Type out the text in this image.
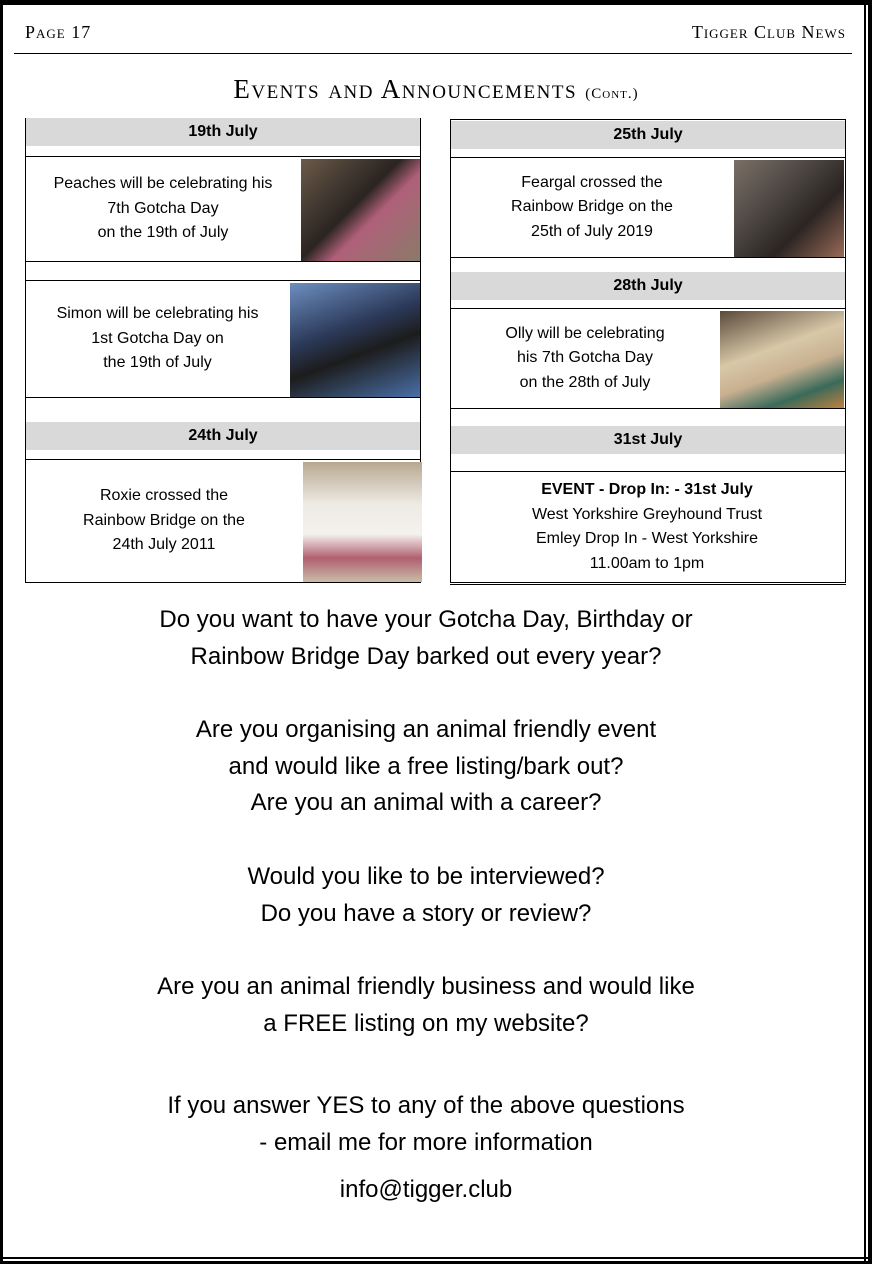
Page 17	Tigger Club News
Events and Announcements (Cont.)
19th July
Peaches will be celebrating his
7th Gotcha Day
on the 19th of July
Simon will be celebrating his
1st Gotcha Day on
the 19th of July
24th July
Roxie crossed the
Rainbow Bridge on the
24th July 2011
25th July
Feargal crossed the
Rainbow Bridge on the
25th of July 2019
28th July
Olly will be celebrating
his 7th Gotcha Day
on the 28th of July
31st July
EVENT - Drop In: - 31st July
West Yorkshire Greyhound Trust
Emley Drop In - West Yorkshire
11.00am to 1pm
Do you want to have your Gotcha Day, Birthday or
Rainbow Bridge Day barked out every year?
Are you organising an animal friendly event
and would like a free listing/bark out?
Are you an animal with a career?
Would you like to be interviewed?
Do you have a story or review?
Are you an animal friendly business and would like
a FREE listing on my website?
If you answer YES to any of the above questions
- email me for more information
info@tigger.club
